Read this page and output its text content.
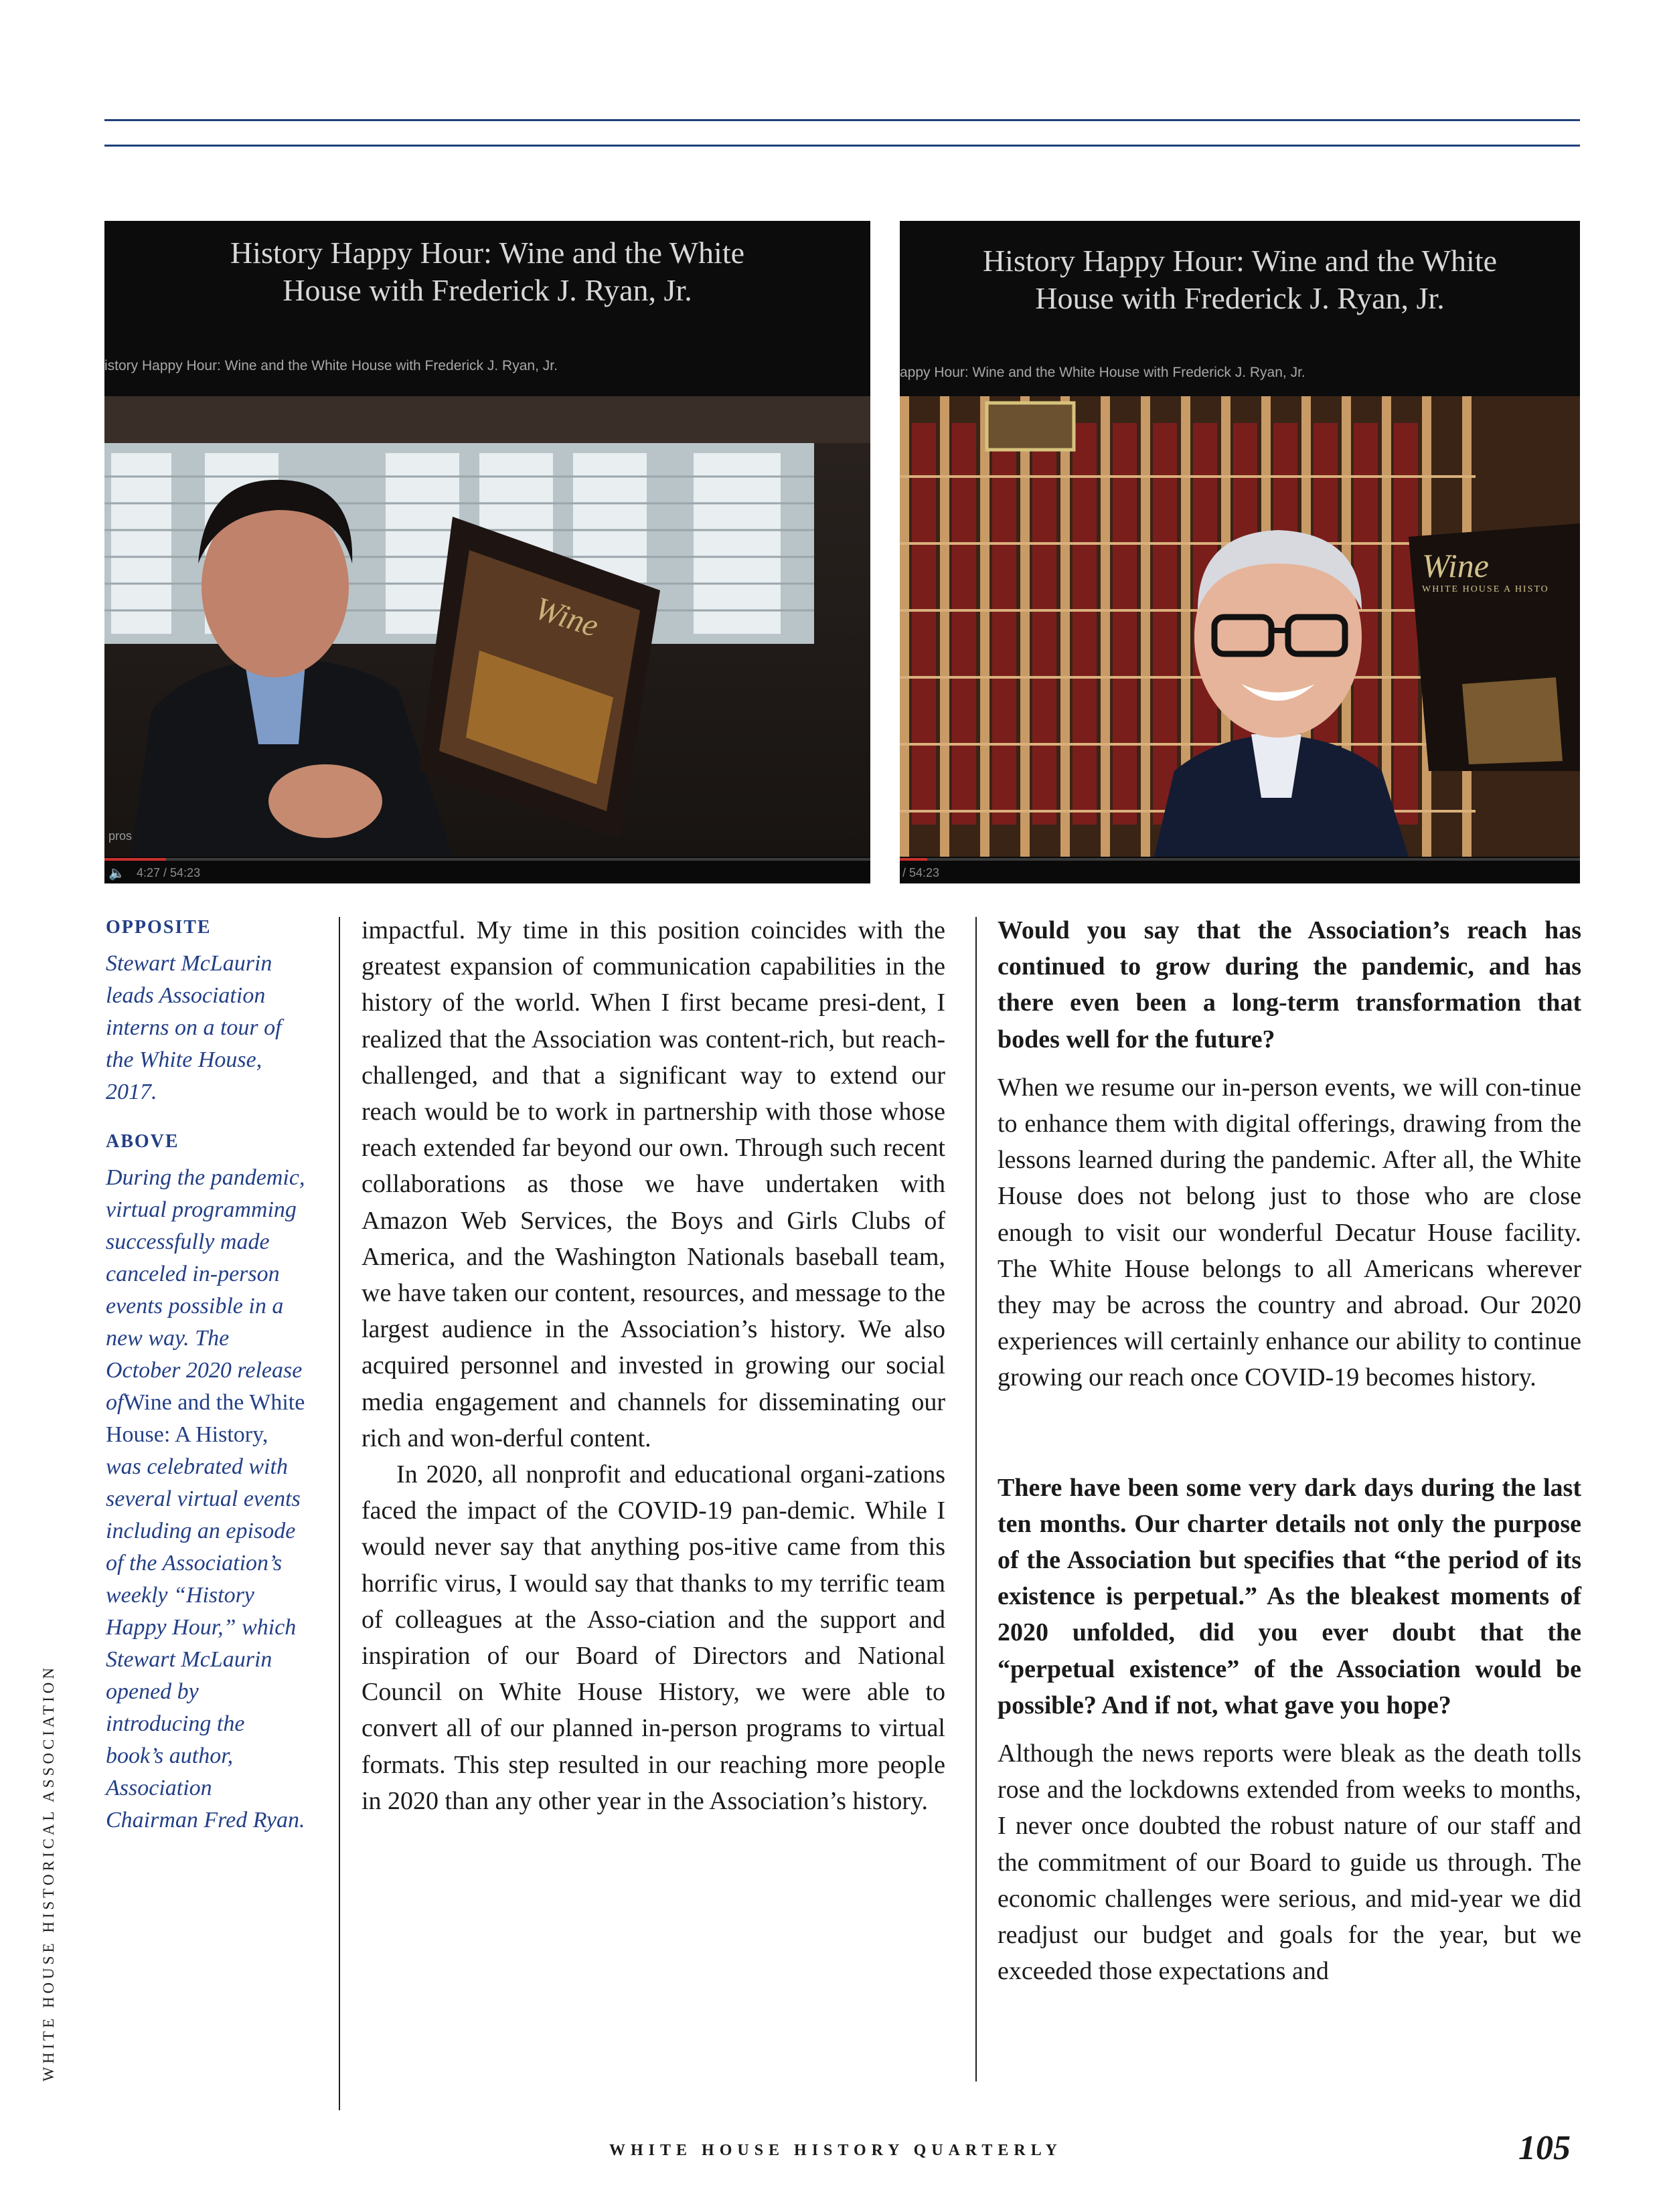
History Happy Hour: Wine and the White
House with Frederick J. Ryan, Jr.
istory Happy Hour: Wine and the White House with Frederick J. Ryan, Jr.
Wine
pros
🔈 4:27 / 54:23
History Happy Hour: Wine and the White
House with Frederick J. Ryan, Jr.
appy Hour: Wine and the White House with Frederick J. Ryan, Jr.
Wine
WHITE HOUSE A HISTO
/ 54:23
OPPOSITE
Stewart McLaurin leads Association interns on a tour of the White House, 2017.
ABOVE
During the pandemic, virtual programming successfully made canceled in-person events possible in a new way. The October 2020 release ofWine and the White House: A History, was celebrated with several virtual events including an episode of the Association’s weekly “History Happy Hour,” which Stewart McLaurin opened by introducing the book’s author, Association Chairman Fred Ryan.

impactful. My time in this position coincides with the greatest expansion of communication capabilities in the history of the world. When I first became presi-dent, I realized that the Association was content-rich, but reach-challenged, and that a significant way to extend our reach would be to work in partnership with those whose reach extended far beyond our own. Through such recent collaborations as those we have undertaken with Amazon Web Services, the Boys and Girls Clubs of America, and the Washington Nationals baseball team, we have taken our content, resources, and message to the largest audience in the Association’s history. We also acquired personnel and invested in growing our social media engagement and channels for disseminating our rich and won-derful content.

In 2020, all nonprofit and educational organi-zations faced the impact of the COVID-19 pan-demic. While I would never say that anything pos-itive came from this horrific virus, I would say that thanks to my terrific team of colleagues at the Asso-ciation and the support and inspiration of our Board of Directors and National Council on White House History, we were able to convert all of our planned in-person programs to virtual formats. This step resulted in our reaching more people in 2020 than any other year in the Association’s history.

Would you say that the Association’s reach has continued to grow during the pandemic, and has there even been a long-term transformation that bodes well for the future?

When we resume our in-person events, we will con-tinue to enhance them with digital offerings, drawing from the lessons learned during the pandemic. After all, the White House does not belong just to those who are close enough to visit our wonderful Decatur House facility. The White House belongs to all Americans wherever they may be across the country and abroad. Our 2020 experiences will certainly enhance our ability to continue growing our reach once COVID-19 becomes history.

There have been some very dark days during the last ten months. Our charter details not only the purpose of the Association but specifies that “the period of its existence is perpetual.” As the bleakest moments of 2020 unfolded, did you ever doubt that the “perpetual existence” of the Association would be possible? And if not, what gave you hope?

Although the news reports were bleak as the death tolls rose and the lockdowns extended from weeks to months, I never once doubted the robust nature of our staff and the commitment of our Board to guide us through. The economic challenges were serious, and mid-year we did readjust our budget and goals for the year, but we exceeded those expectations and

WHITE HOUSE HISTORICAL ASSOCIATION
WHITE HOUSE HISTORY QUARTERLY	105
